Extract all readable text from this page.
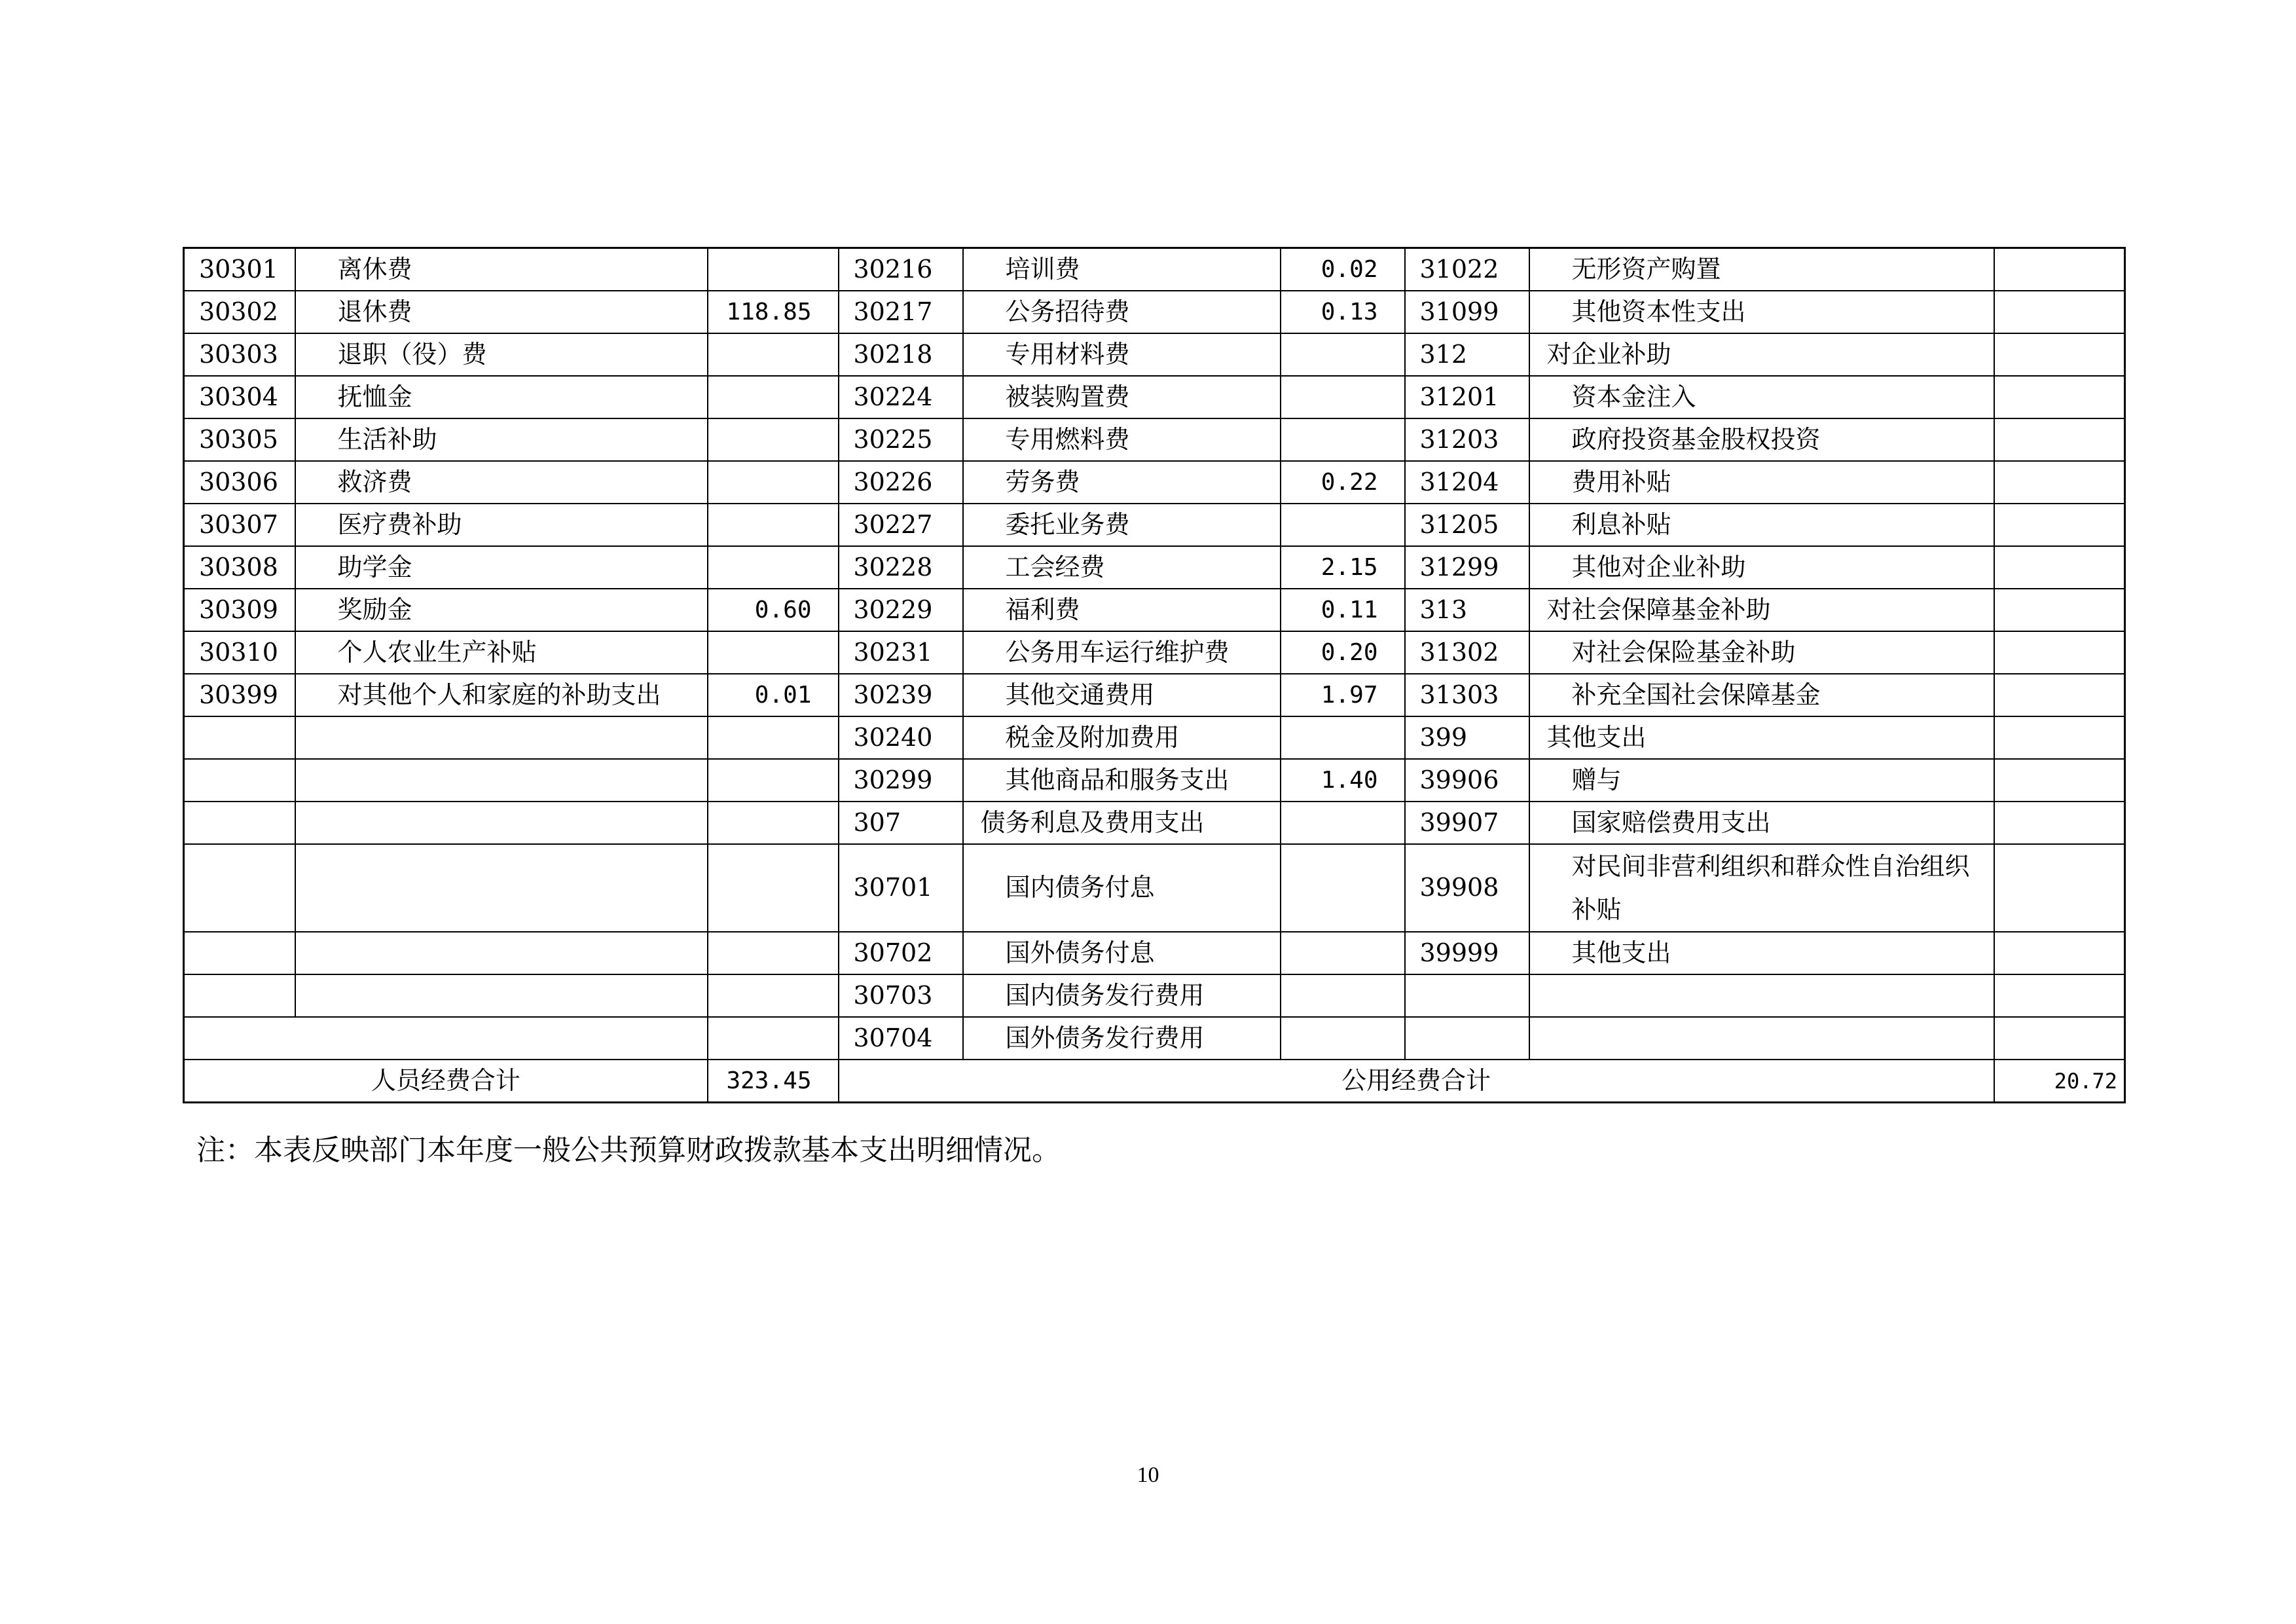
30301	离休费		30216	培训费	0.02	31022	无形资产购置	
30302	退休费	118.85	30217	公务招待费	0.13	31099	其他资本性支出	
30303	退职（役）费		30218	专用材料费		312	对企业补助	
30304	抚恤金		30224	被装购置费		31201	资本金注入	
30305	生活补助		30225	专用燃料费		31203	政府投资基金股权投资	
30306	救济费		30226	劳务费	0.22	31204	费用补贴	
30307	医疗费补助		30227	委托业务费		31205	利息补贴	
30308	助学金		30228	工会经费	2.15	31299	其他对企业补助	
30309	奖励金	0.60	30229	福利费	0.11	313	对社会保障基金补助	
30310	个人农业生产补贴		30231	公务用车运行维护费	0.20	31302	对社会保险基金补助	
30399	对其他个人和家庭的补助支出	0.01	30239	其他交通费用	1.97	31303	补充全国社会保障基金	
			30240	税金及附加费用		399	其他支出	
			30299	其他商品和服务支出	1.40	39906	赠与	
			307	债务利息及费用支出		39907	国家赔偿费用支出	
			30701	国内债务付息		39908	对民间非营利组织和群众性自治组织补贴	
			30702	国外债务付息		39999	其他支出	
			30703	国内债务发行费用				
			30704	国外债务发行费用				
人员经费合计		323.45	公用经费合计					20.72
注：本表反映部门本年度一般公共预算财政拨款基本支出明细情况。
10
